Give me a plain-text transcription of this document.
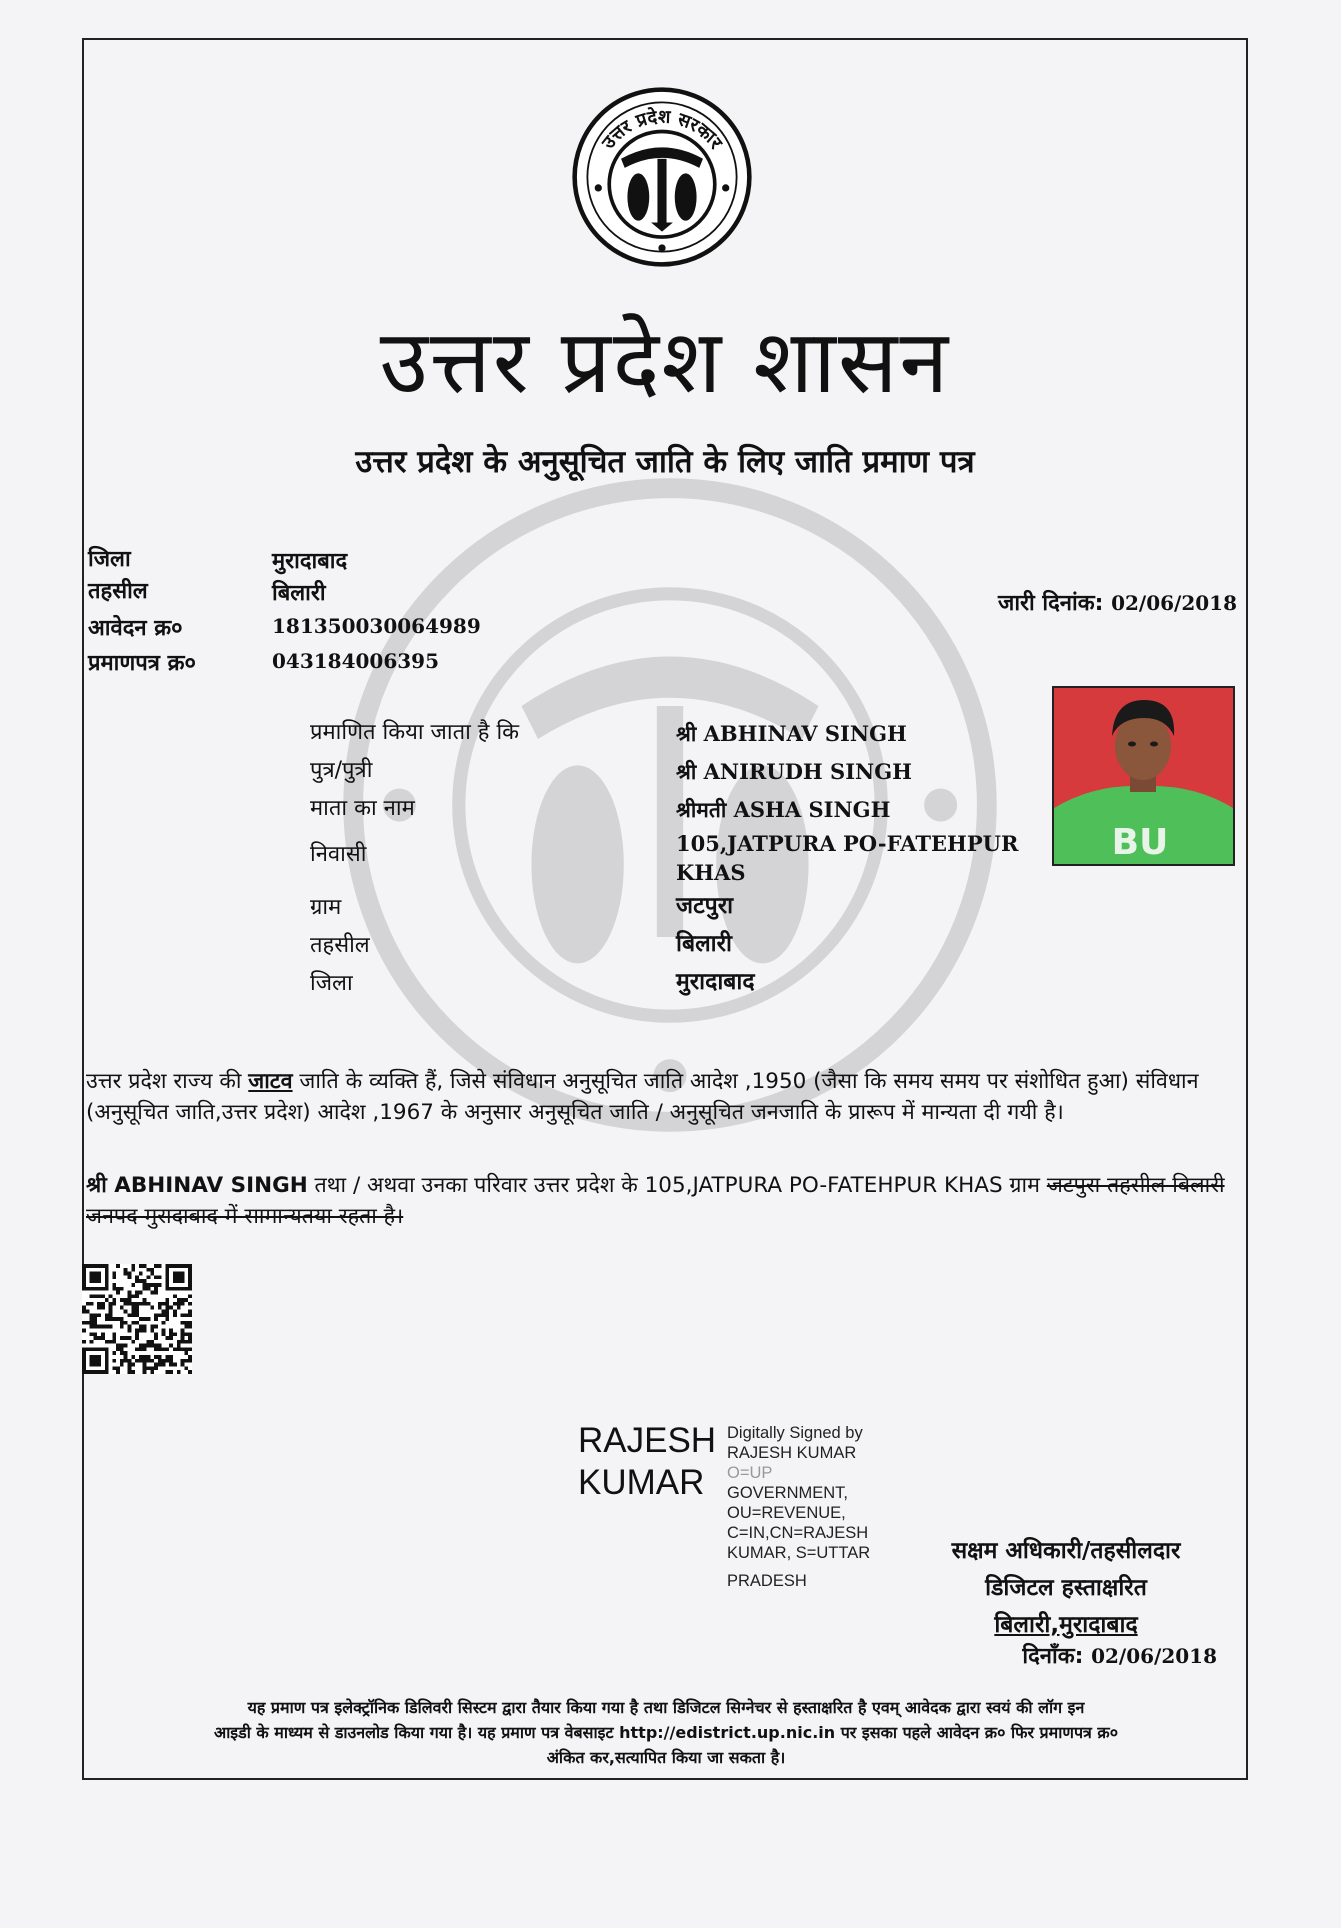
उत्तर प्रदेश सरकार
उत्तर प्रदेश शासन
उत्तर प्रदेश के अनुसूचित जाति के लिए जाति प्रमाण पत्र
जिला	मुरादाबाद
तहसील	बिलारी
आवेदन क्र०	181350030064989
प्रमाणपत्र क्र०	043184006395
जारी दिनांक: 02/06/2018
प्रमाणित किया जाता है कि	श्री ABHINAV SINGH
पुत्र/पुत्री	श्री ANIRUDH SINGH
माता का नाम	श्रीमती ASHA SINGH
निवासी	105,JATPURA PO-FATEHPUR KHAS
ग्राम	जटपुरा
तहसील	बिलारी
जिला	मुरादाबाद
BU
उत्तर प्रदेश राज्य की जाटव जाति के व्यक्ति हैं, जिसे संविधान अनुसूचित जाति आदेश ,1950 (जैसा कि समय समय पर संशोधित हुआ) संविधान (अनुसूचित जाति,उत्तर प्रदेश) आदेश ,1967 के अनुसार अनुसूचित जाति / अनुसूचित जनजाति के प्रारूप में मान्यता दी गयी है।
श्री ABHINAV SINGH तथा / अथवा उनका परिवार उत्तर प्रदेश के 105,JATPURA PO-FATEHPUR KHAS ग्राम जटपुरा तहसील बिलारी जनपद मुरादाबाद में सामान्यतया रहता है।
RAJESH
KUMAR
Digitally Signed by
RAJESH KUMAR
O=UP
GOVERNMENT,
OU=REVENUE,
C=IN,CN=RAJESH
KUMAR, S=UTTAR
PRADESH
सक्षम अधिकारी/तहसीलदार
डिजिटल हस्ताक्षरित
बिलारी,मुरादाबाद
दिनाँक: 02/06/2018
यह प्रमाण पत्र इलेक्ट्रॉनिक डिलिवरी सिस्टम द्वारा तैयार किया गया है तथा डिजिटल सिग्नेचर से हस्ताक्षरित है एवम् आवेदक द्वारा स्वयं की लॉग इन
आइडी के माध्यम से डाउनलोड किया गया है। यह प्रमाण पत्र वेबसाइट http://edistrict.up.nic.in पर इसका पहले आवेदन क्र० फिर प्रमाणपत्र क्र०
अंकित कर,सत्यापित किया जा सकता है।
